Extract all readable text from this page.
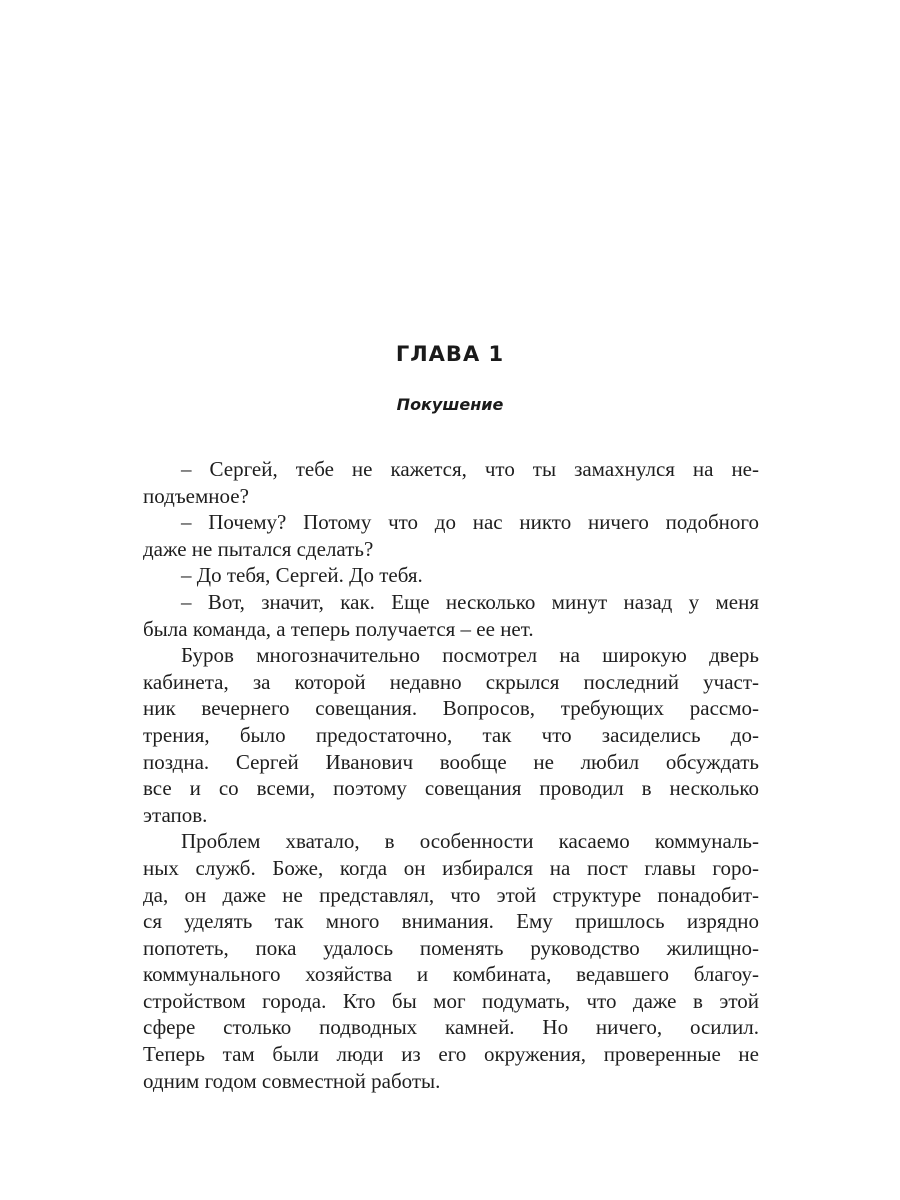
ГЛАВА 1
Покушение
– Сергей, тебе не кажется, что ты замахнулся на не-
подъемное?
– Почему? Потому что до нас никто ничего подобного
даже не пытался сделать?
– До тебя, Сергей. До тебя.
– Вот, значит, как. Еще несколько минут назад у меня
была команда, а теперь получается – ее нет.
Буров многозначительно посмотрел на широкую дверь
кабинета, за которой недавно скрылся последний участ-
ник вечернего совещания. Вопросов, требующих рассмо-
трения, было предостаточно, так что засиделись до-
поздна. Сергей Иванович вообще не любил обсуждать
все и со всеми, поэтому совещания проводил в несколько
этапов.
Проблем хватало, в особенности касаемо коммуналь-
ных служб. Боже, когда он избирался на пост главы горо-
да, он даже не представлял, что этой структуре понадобит-
ся уделять так много внимания. Ему пришлось изрядно
попотеть, пока удалось поменять руководство жилищно-
коммунального хозяйства и комбината, ведавшего благоу-
стройством города. Кто бы мог подумать, что даже в этой
сфере столько подводных камней. Но ничего, осилил.
Теперь там были люди из его окружения, проверенные не
одним годом совместной работы.
